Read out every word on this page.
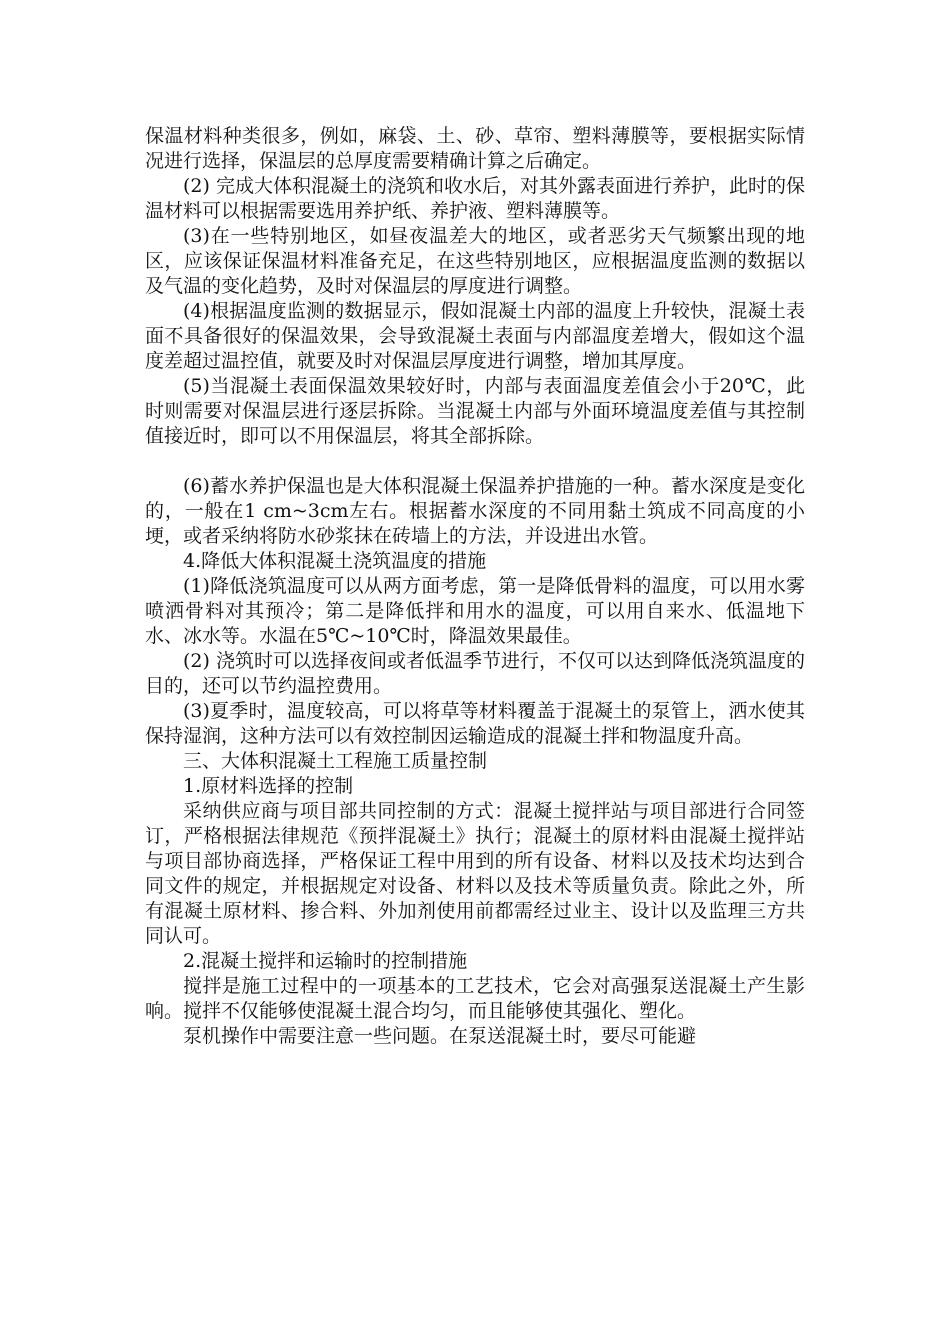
保温材料种类很多，例如，麻袋、土、砂、草帘、塑料薄膜等，要根据实际情况进行选择，保温层的总厚度需要精确计算之后确定。

(2) 完成大体积混凝土的浇筑和收水后，对其外露表面进行养护，此时的保温材料可以根据需要选用养护纸、养护液、塑料薄膜等。

(3)在一些特别地区，如昼夜温差大的地区，或者恶劣天气频繁出现的地区，应该保证保温材料准备充足，在这些特别地区，应根据温度监测的数据以及气温的变化趋势，及时对保温层的厚度进行调整。

(4)根据温度监测的数据显示，假如混凝土内部的温度上升较快，混凝土表面不具备很好的保温效果，会导致混凝土表面与内部温度差增大，假如这个温度差超过温控值，就要及时对保温层厚度进行调整，增加其厚度。

(5)当混凝土表面保温效果较好时，内部与表面温度差值会小于20℃，此时则需要对保温层进行逐层拆除。当混凝土内部与外面环境温度差值与其控制值接近时，即可以不用保温层，将其全部拆除。

(6)蓄水养护保温也是大体积混凝土保温养护措施的一种。蓄水深度是变化的，一般在1 cm~3cm左右。根据蓄水深度的不同用黏土筑成不同高度的小埂，或者采纳将防水砂浆抹在砖墙上的方法，并设进出水管。

4.降低大体积混凝土浇筑温度的措施

(1)降低浇筑温度可以从两方面考虑，第一是降低骨料的温度，可以用水雾喷洒骨料对其预冷；第二是降低拌和用水的温度，可以用自来水、低温地下水、冰水等。水温在5℃~10℃时，降温效果最佳。

(2) 浇筑时可以选择夜间或者低温季节进行，不仅可以达到降低浇筑温度的目的，还可以节约温控费用。

(3)夏季时，温度较高，可以将草等材料覆盖于混凝土的泵管上，洒水使其保持湿润，这种方法可以有效控制因运输造成的混凝土拌和物温度升高。

三、大体积混凝土工程施工质量控制

1.原材料选择的控制

采纳供应商与项目部共同控制的方式：混凝土搅拌站与项目部进行合同签订，严格根据法律规范《预拌混凝土》执行；混凝土的原材料由混凝土搅拌站与项目部协商选择，严格保证工程中用到的所有设备、材料以及技术均达到合同文件的规定，并根据规定对设备、材料以及技术等质量负责。除此之外，所有混凝土原材料、掺合料、外加剂使用前都需经过业主、设计以及监理三方共同认可。

2.混凝土搅拌和运输时的控制措施

搅拌是施工过程中的一项基本的工艺技术，它会对高强泵送混凝土产生影响。搅拌不仅能够使混凝土混合均匀，而且能够使其强化、塑化。

泵机操作中需要注意一些问题。在泵送混凝土时，要尽可能避
